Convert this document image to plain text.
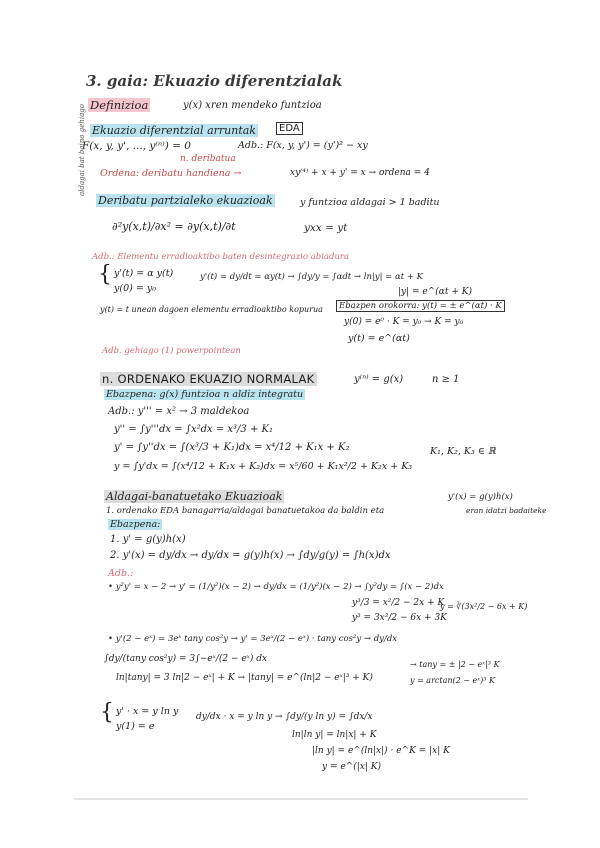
3. gaia: Ekuazio diferentzialak
Definizioa	y(x) xren mendeko funtzioa
Ekuazio diferentzial arruntak	EDA
F(x, y, y', ..., y⁽ⁿ⁾) = 0	Adb.: F(x, y, y') = (y')² − xy
n. deribatua
Ordena: deribatu handiena →	xy⁽⁴⁾ + x + y' = x → ordena = 4
Deribatu partzialeko ekuazioak	y funtzioa aldagai > 1 baditu
∂²y(x,t)/∂x² = ∂y(x,t)/∂t	yxx = yt
Adb.: Elementu erradioaktibo baten desintegrazio abiadura
{ y'(t) = α y(t)
y(0) = y₀
y'(t) = dy/dt = αy(t) → ∫dy/y = ∫αdt → ln|y| = αt + K
|y| = e^(αt + K)
y(t) = t unean dagoen elementu erradioaktibo kopurua	Ebazpen orokorra: y(t) = ± e^(αt) · K
y(0) = e⁰ · K = y₀ → K = y₀
y(t) = e^(αt)
Adb. gehiago (1) powerpointean
n. ORDENAKO EKUAZIO NORMALAK	y⁽ⁿ⁾ = g(x)	n ≥ 1
Ebazpena: g(x) funtzioa n aldiz integratu
Adb.: y''' = x² → 3 maldekoa
y'' = ∫y'''dx = ∫x²dx = x³/3 + K₁
y' = ∫y''dx = ∫(x³/3 + K₁)dx = x⁴/12 + K₁x + K₂
y = ∫y'dx = ∫(x⁴/12 + K₁x + K₂)dx = x⁵/60 + K₁x²/2 + K₂x + K₃
K₁, K₂, K₃ ∈ ℝ
Aldagai-banatuetako Ekuazioak
1. ordenako EDA banagarria/aldagai banatuetakoa da baldin eta
y'(x) = g(y)h(x)
eran idatzi badaiteke
Ebazpena:
1. y' = g(y)h(x)
2. y'(x) = dy/dx → dy/dx = g(y)h(x) → ∫dy/g(y) = ∫h(x)dx
Adb.:
• y²y' = x − 2 → y' = (1/y²)(x − 2) → dy/dx = (1/y²)(x − 2) → ∫y²dy = ∫(x − 2)dx
y³/3 = x²/2 − 2x + K
y³ = 3x²/2 − 6x + 3K
y = ∛(3x²/2 − 6x + K)
• y'(2 − eˣ) = 3eˣ tany cos²y → y' = 3eˣ/(2 − eˣ) · tany cos²y → dy/dx
∫dy/(tany cos²y) = 3∫−eˣ/(2 − eˣ) dx
ln|tany| = 3 ln|2 − eˣ| + K → |tany| = e^(ln|2 − eˣ|³ + K)
→ tany = ± |2 − eˣ|³ K
y = arctan(2 − eˣ)³ K
{ y' · x = y ln y
y(1) = e
dy/dx · x = y ln y → ∫dy/(y ln y) = ∫dx/x
ln|ln y| = ln|x| + K
|ln y| = e^(ln|x|) · e^K = |x| K
y = e^(|x| K)
